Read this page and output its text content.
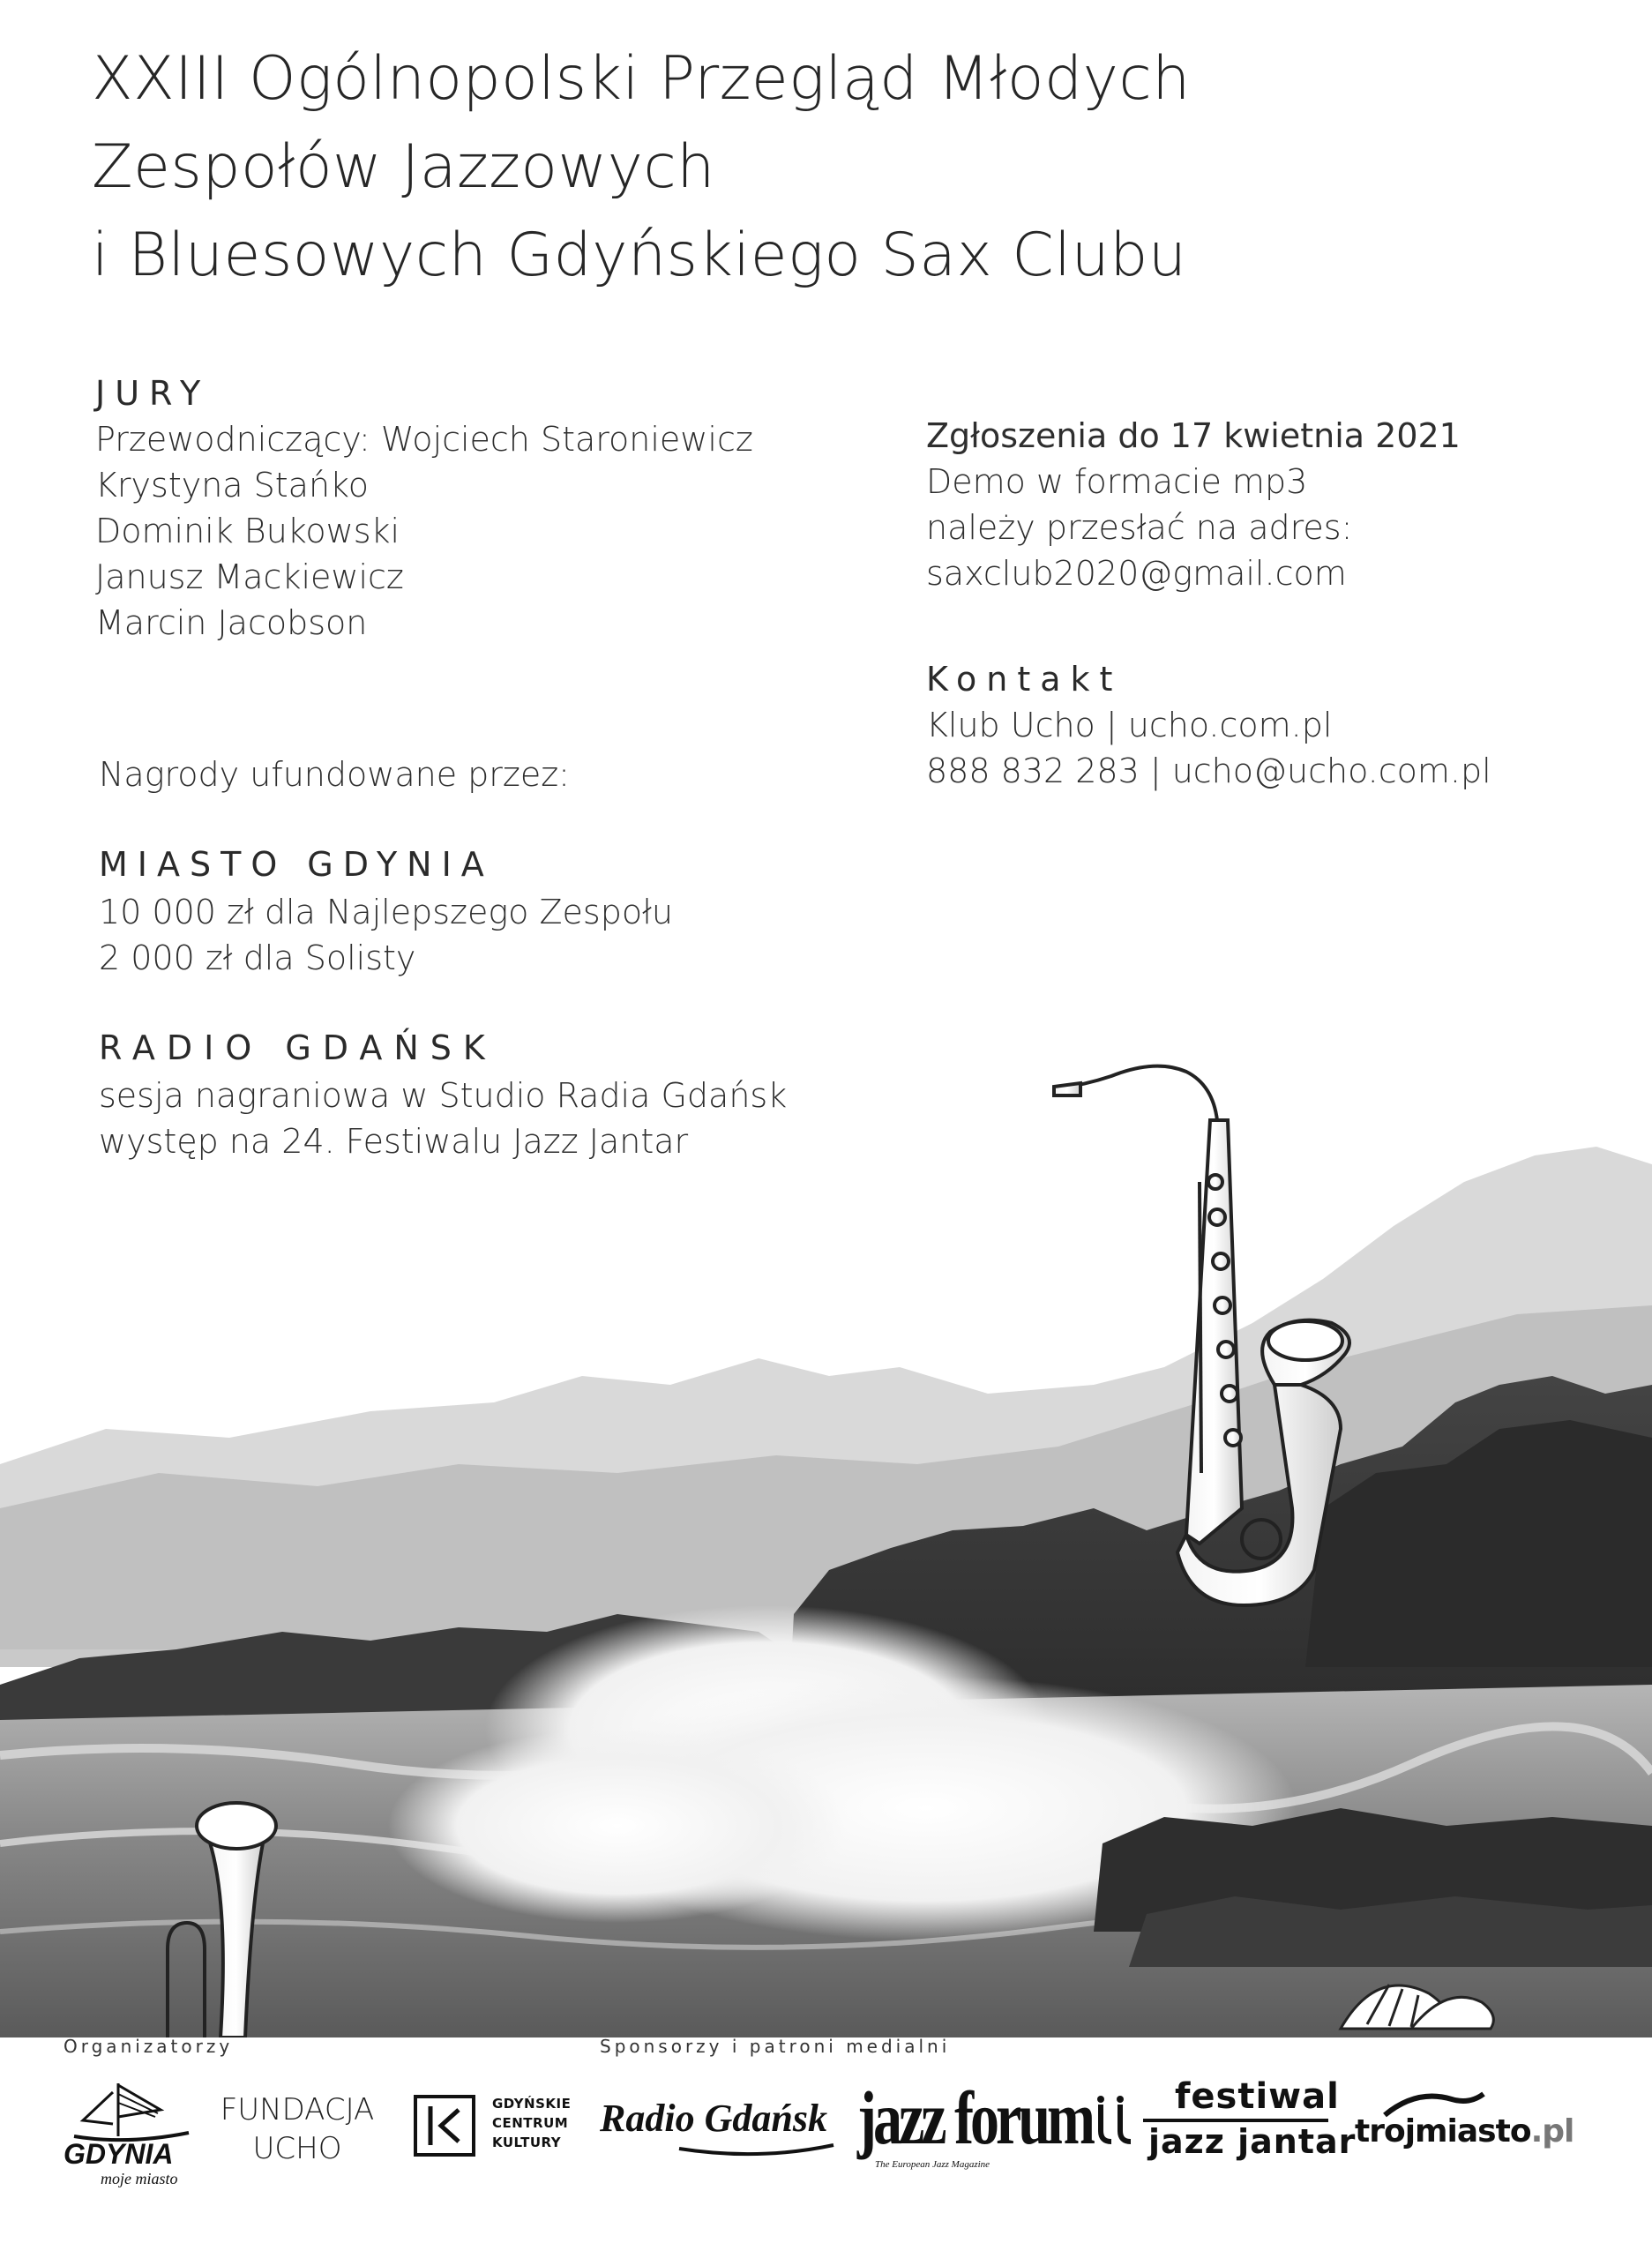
XXIII Ogólnopolski Przegląd Młodych
Zespołów Jazzowych
i Bluesowych Gdyńskiego Sax Clubu
JURY
Przewodniczący: Wojciech Staroniewicz
Krystyna Stańko
Dominik Bukowski
Janusz Mackiewicz
Marcin Jacobson
Zgłoszenia do 17 kwietnia 2021
Demo w formacie mp3
należy przesłać na adres:
saxclub2020@gmail.com
Kontakt
Klub Ucho | ucho.com.pl
888 832 283 | ucho@ucho.com.pl
Nagrody ufundowane przez:
MIASTO GDYNIA
10 000 zł dla Najlepszego Zespołu
2 000 zł dla Solisty
RADIO GDAŃSK
sesja nagraniowa w Studio Radia Gdańsk
występ na 24. Festiwalu Jazz Jantar
Organizatorzy	Sponsorzy i patroni medialni
GDYNIA
moje miasto
FUNDACJA
UCHO
GDYŃSKIE
CENTRUM
KULTURY
Radio Gdańsk jazz forum
The European Jazz Magazine
festiwal
jazz jantar
trojmiasto.pl
